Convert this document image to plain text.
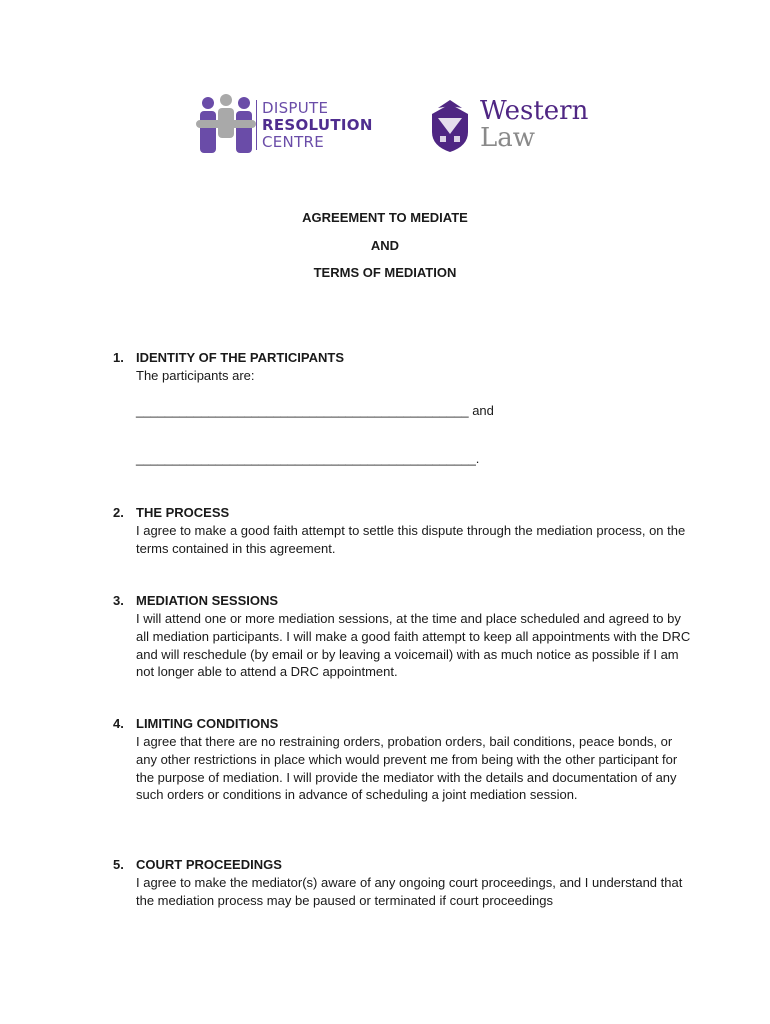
DISPUTE
RESOLUTION
CENTRE
Western
Law
AGREEMENT TO MEDIATE
AND
TERMS OF MEDIATION
1. IDENTITY OF THE PARTICIPANTS
The participants are:
______________________________________________ and
_______________________________________________.
2. THE PROCESS
I agree to make a good faith attempt to settle this dispute through the mediation process, on the terms contained in this agreement.
3. MEDIATION SESSIONS
I will attend one or more mediation sessions, at the time and place scheduled and agreed to by all mediation participants. I will make a good faith attempt to keep all appointments with the DRC and will reschedule (by email or by leaving a voicemail) with as much notice as possible if I am not longer able to attend a DRC appointment.
4. LIMITING CONDITIONS
I agree that there are no restraining orders, probation orders, bail conditions, peace bonds, or any other restrictions in place which would prevent me from being with the other participant for the purpose of mediation. I will provide the mediator with the details and documentation of any such orders or conditions in advance of scheduling a joint mediation session.
5. COURT PROCEEDINGS
I agree to make the mediator(s) aware of any ongoing court proceedings, and I understand that the mediation process may be paused or terminated if court proceedings
